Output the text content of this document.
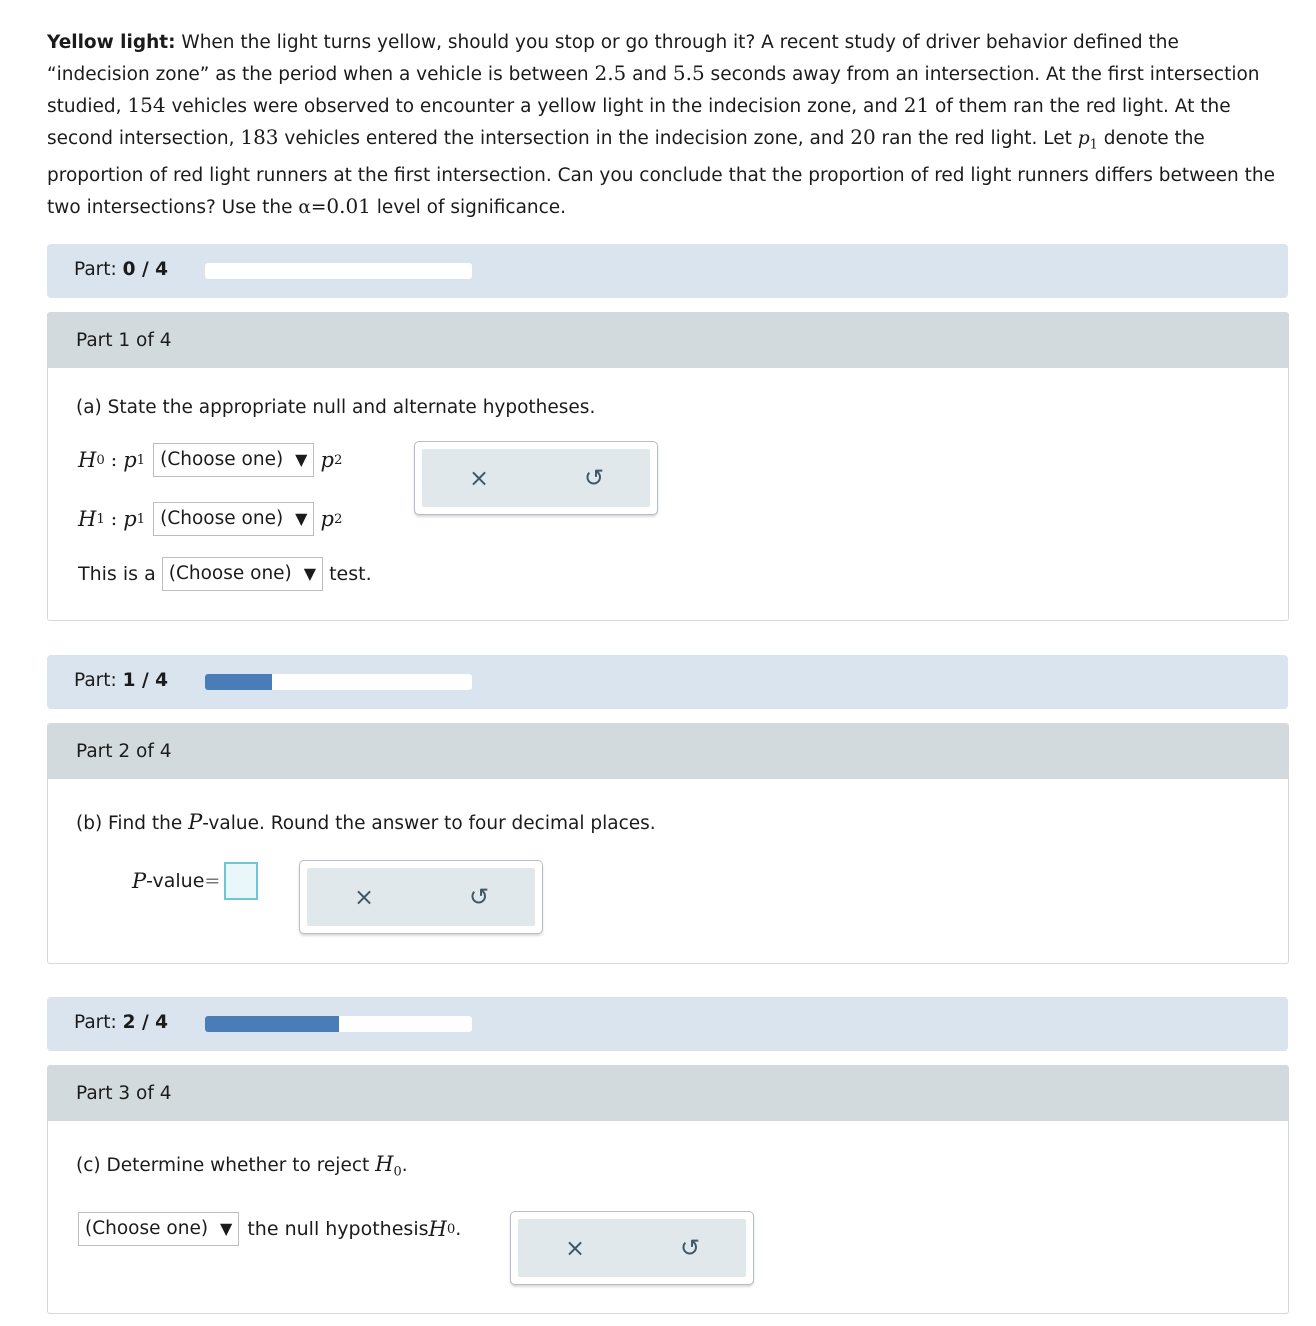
Yellow light: When the light turns yellow, should you stop or go through it? A recent study of driver behavior defined the “indecision zone” as the period when a vehicle is between 2.5 and 5.5 seconds away from an intersection. At the first intersection studied, 154 vehicles were observed to encounter a yellow light in the indecision zone, and 21 of them ran the red light. At the second intersection, 183 vehicles entered the intersection in the indecision zone, and 20 ran the red light. Let $p_1$ denote the proportion of red light runners at the first intersection. Can you conclude that the proportion of red light runners differs between the two intersections? Use the α=0.01 level of significance.
Part: 0 / 4
Part 1 of 4
(a) State the appropriate null and alternate hypotheses.
H 0 : p 1 (Choose one) ▼ p 2
H 1 : p 1 (Choose one) ▼ p 2
This is a (Choose one) ▼ test.
×	↺
Part: 1 / 4
Part 2 of 4
(b) Find the P-value. Round the answer to four decimal places.
P -value =
×	↺
Part: 2 / 4
Part 3 of 4
(c) Determine whether to reject $H_0$.
(Choose one) ▼ the null hypothesis H 0 .
×	↺
